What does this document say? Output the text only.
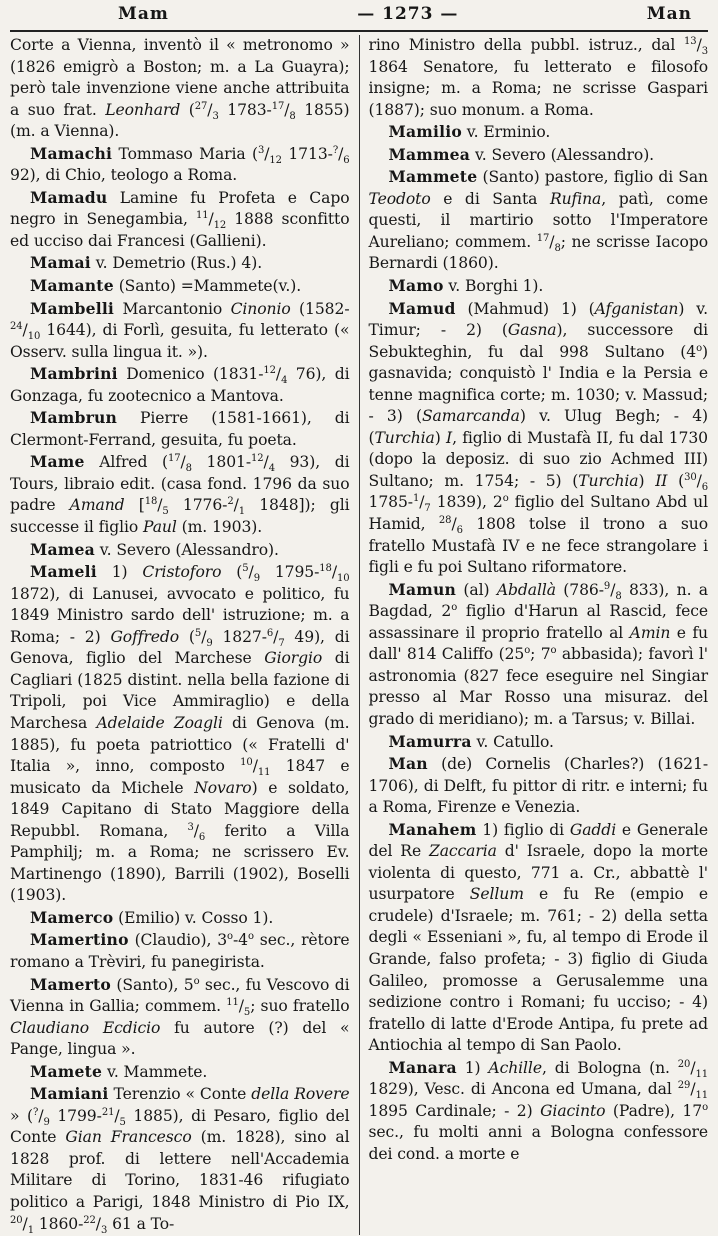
Mam	— 1273 —	Man

Corte a Vienna, inventò il « metronomo » (1826 emigrò a Boston; m. a La Guayra); però tale invenzione viene anche attribuita a suo frat. Leonhard ($^{27}/_3$ $1783-^{17}/_8$ 1855) (m. a Vienna).

Mamachi Tommaso Maria ($^3/_{12}$ $1713-^?/_6$ 92), di Chio, teologo a Roma.

Mamadu Lamine fu Profeta e Capo negro in Senegambia, $^{11}/_{12}$ 1888 sconfitto ed ucciso dai Francesi (Gallieni).

Mamai v. Demetrio (Rus.) 4).

Mamante (Santo) =Mammete(v.).

Mambelli Marcantonio Cinonio ($1582-^{24}/_{10}$ 1644), di Forlì, gesuita, fu letterato (« Osserv. sulla lingua it. »).

Mambrini Domenico ($1831-^{12}/_4$ 76), di Gonzaga, fu zootecnico a Mantova.

Mambrun Pierre (1581-1661), di Clermont-Ferrand, gesuita, fu poeta.

Mame Alfred ($^{17}/_8$ $1801-^{12}/_4$ 93), di Tours, libraio edit. (casa fond. 1796 da suo padre Amand [$^{18}/_5$ $1776-^2/_1$ 1848]); gli successe il figlio Paul (m. 1903).

Mamea v. Severo (Alessandro).

Mameli 1) Cristoforo ($^5/_9$ $1795-^{18}/_{10}$ 1872), di Lanusei, avvocato e politico, fu 1849 Ministro sardo dell' istruzione; m. a Roma; - 2) Goffredo ($^5/_9$ $1827-^6/_7$ 49), di Genova, figlio del Marchese Giorgio di Cagliari (1825 distint. nella bella fazione di Tripoli, poi Vice Ammiraglio) e della Marchesa Adelaide Zoagli di Genova (m. 1885), fu poeta patriottico (« Fratelli d' Italia », inno, composto $^{10}/_{11}$ 1847 e musicato da Michele Novaro) e soldato, 1849 Capitano di Stato Maggiore della Repubbl. Romana, $^3/_6$ ferito a Villa Pamphilj; m. a Roma; ne scrissero Ev. Martinengo (1890), Barrili (1902), Boselli (1903).

Mamerco (Emilio) v. Cosso 1).

Mamertino (Claudio), 3$^o$-4$^o$ sec., rètore romano a Trèviri, fu panegirista.

Mamerto (Santo), 5$^o$ sec., fu Vescovo di Vienna in Gallia; commem. $^{11}/_5$; suo fratello Claudiano Ecdicio fu autore (?) del « Pange, lingua ».

Mamete v. Mammete.

Mamiani Terenzio « Conte della Rovere » ($^?/_9$ $1799-^{21}/_5$ 1885), di Pesaro, figlio del Conte Gian Francesco (m. 1828), sino al 1828 prof. di lettere nell'Accademia Militare di Torino, 1831-46 rifugiato politico a Parigi, 1848 Ministro di Pio IX, $^{20}/_1$ $1860-^{22}/_3$ 61 a To-

rino Ministro della pubbl. istruz., dal $^{13}/_3$ 1864 Senatore, fu letterato e filosofo insigne; m. a Roma; ne scrisse Gaspari (1887); suo monum. a Roma.

Mamilio v. Erminio.

Mammea v. Severo (Alessandro).

Mammete (Santo) pastore, figlio di San Teodoto e di Santa Rufina, patì, come questi, il martirio sotto l'Imperatore Aureliano; commem. $^{17}/_8$; ne scrisse Iacopo Bernardi (1860).

Mamo v. Borghi 1).

Mamud (Mahmud) 1) (Afganistan) v. Timur; - 2) (Gasna), successore di Sebukteghin, fu dal 998 Sultano (4$^o$) gasnavida; conquistò l' India e la Persia e tenne magnifica corte; m. 1030; v. Massud; - 3) (Samarcanda) v. Ulug Begh; - 4) (Turchia) I, figlio di Mustafà II, fu dal 1730 (dopo la deposiz. di suo zio Achmed III) Sultano; m. 1754; - 5) (Turchia) II ($^{30}/_6$ $1785-^1/_7$ 1839), 2$^o$ figlio del Sultano Abd ul Hamid, $^{28}/_6$ 1808 tolse il trono a suo fratello Mustafà IV e ne fece strangolare i figli e fu poi Sultano riformatore.

Mamun (al) Abdallà ($786-^9/_8$ 833), n. a Bagdad, 2$^o$ figlio d'Harun al Rascid, fece assassinare il proprio fratello al Amin e fu dall' 814 Califfo (25$^o$; 7$^o$ abbasida); favorì l' astronomia (827 fece eseguire nel Singiar presso al Mar Rosso una misuraz. del grado di meridiano); m. a Tarsus; v. Billai.

Mamurra v. Catullo.

Man (de) Cornelis (Charles?) (1621-1706), di Delft, fu pittor di ritr. e interni; fu a Roma, Firenze e Venezia.

Manahem 1) figlio di Gaddi e Generale del Re Zaccaria d' Israele, dopo la morte violenta di questo, 771 a. Cr., abbattè l' usurpatore Sellum e fu Re (empio e crudele) d'Israele; m. 761; - 2) della setta degli « Esseniani », fu, al tempo di Erode il Grande, falso profeta; - 3) figlio di Giuda Galileo, promosse a Gerusalemme una sedizione contro i Romani; fu ucciso; - 4) fratello di latte d'Erode Antipa, fu prete ad Antiochia al tempo di San Paolo.

Manara 1) Achille, di Bologna (n. $^{20}/_{11}$ 1829), Vesc. di Ancona ed Umana, dal $^{29}/_{11}$ 1895 Cardinale; - 2) Giacinto (Padre), 17$^o$ sec., fu molti anni a Bologna confessore dei cond. a morte e
